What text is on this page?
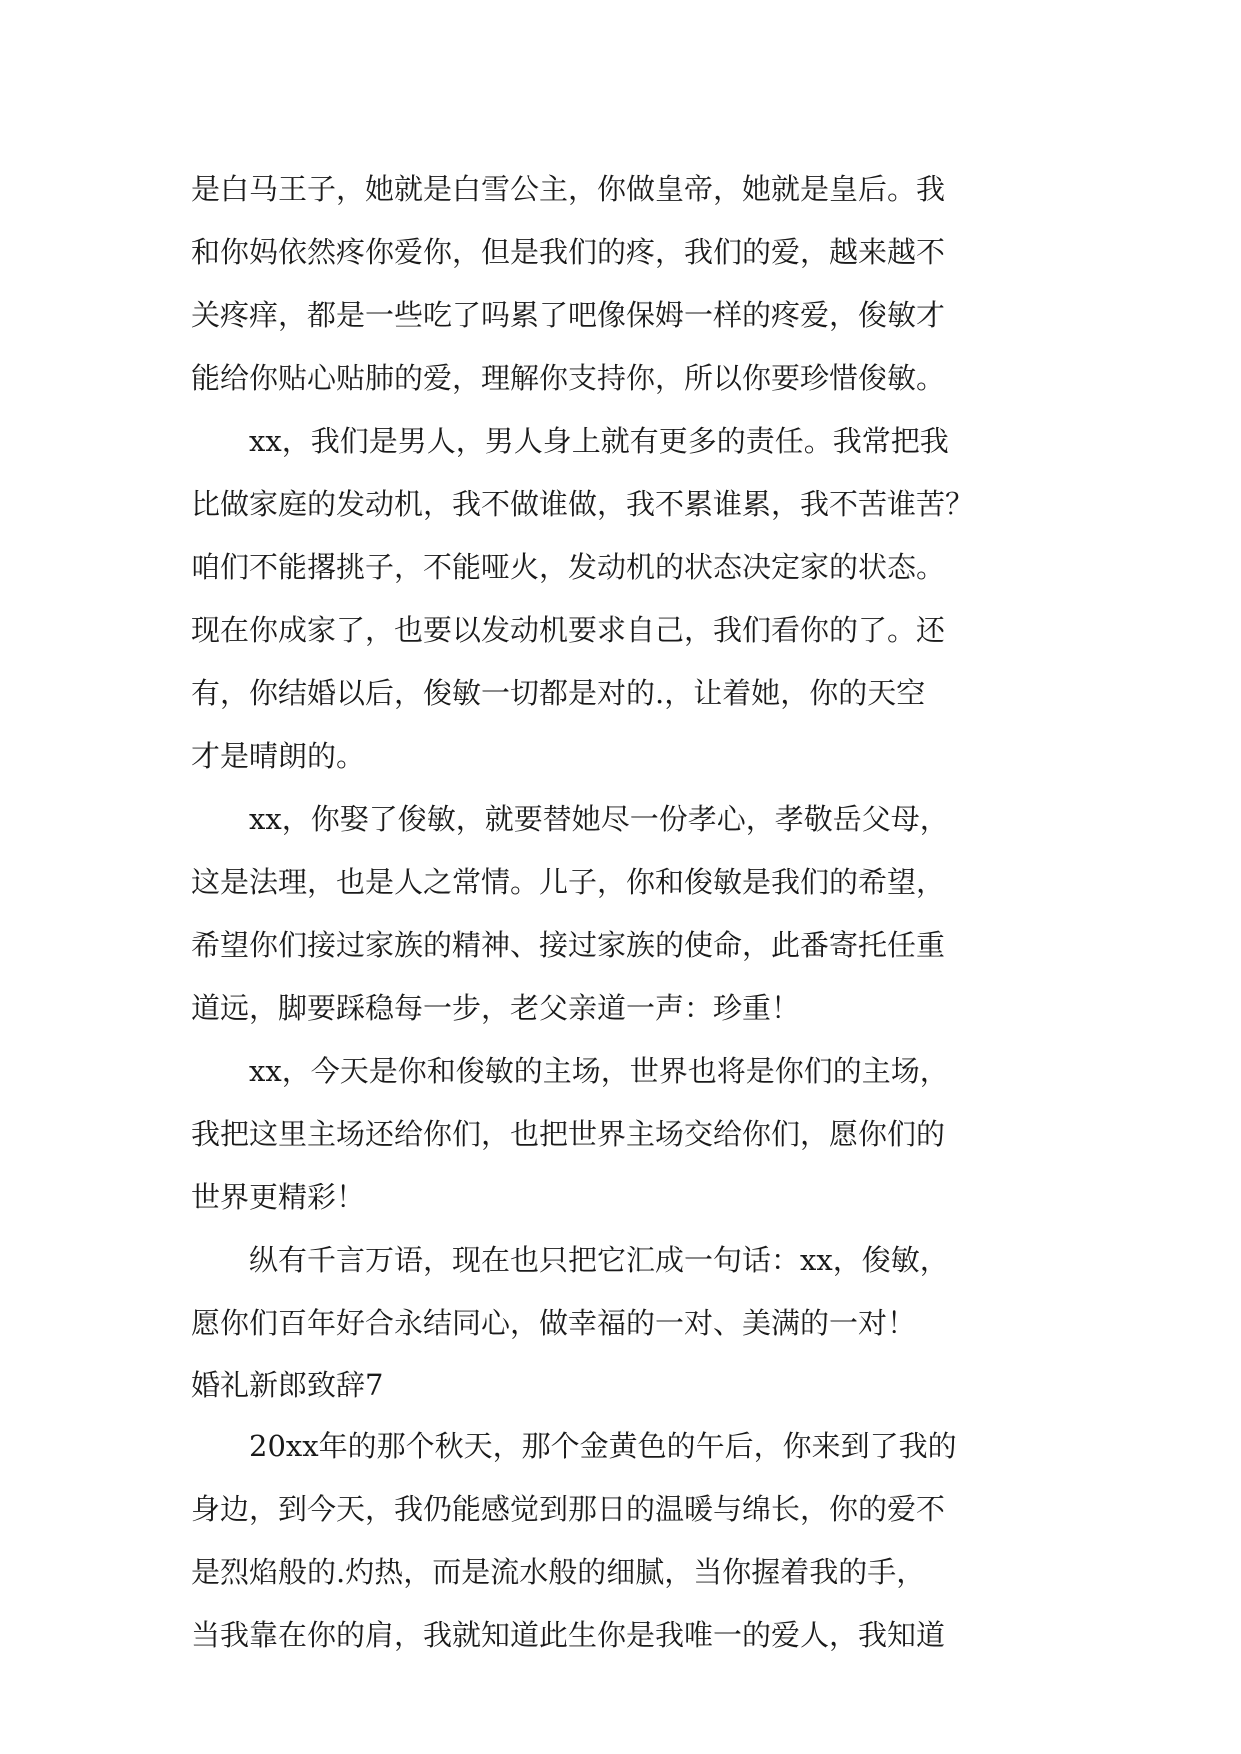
是白马王子，她就是白雪公主，你做皇帝，她就是皇后。我
和你妈依然疼你爱你，但是我们的疼，我们的爱，越来越不
关疼痒，都是一些吃了吗累了吧像保姆一样的疼爱，俊敏才
能给你贴心贴肺的爱，理解你支持你，所以你要珍惜俊敏。
　　xx，我们是男人，男人身上就有更多的责任。我常把我
比做家庭的发动机，我不做谁做，我不累谁累，我不苦谁苦？
咱们不能撂挑子，不能哑火，发动机的状态决定家的状态。
现在你成家了，也要以发动机要求自己，我们看你的了。还
有，你结婚以后，俊敏一切都是对的.，让着她，你的天空
才是晴朗的。
　　xx，你娶了俊敏，就要替她尽一份孝心，孝敬岳父母，
这是法理，也是人之常情。儿子，你和俊敏是我们的希望，
希望你们接过家族的精神、接过家族的使命，此番寄托任重
道远，脚要踩稳每一步，老父亲道一声：珍重！
　　xx，今天是你和俊敏的主场，世界也将是你们的主场，
我把这里主场还给你们，也把世界主场交给你们，愿你们的
世界更精彩！
　　纵有千言万语，现在也只把它汇成一句话：xx，俊敏，
愿你们百年好合永结同心，做幸福的一对、美满的一对！
婚礼新郎致辞7
　　20xx年的那个秋天，那个金黄色的午后，你来到了我的
身边，到今天，我仍能感觉到那日的温暖与绵长，你的爱不
是烈焰般的.灼热，而是流水般的细腻，当你握着我的手，
当我靠在你的肩，我就知道此生你是我唯一的爱人，我知道
